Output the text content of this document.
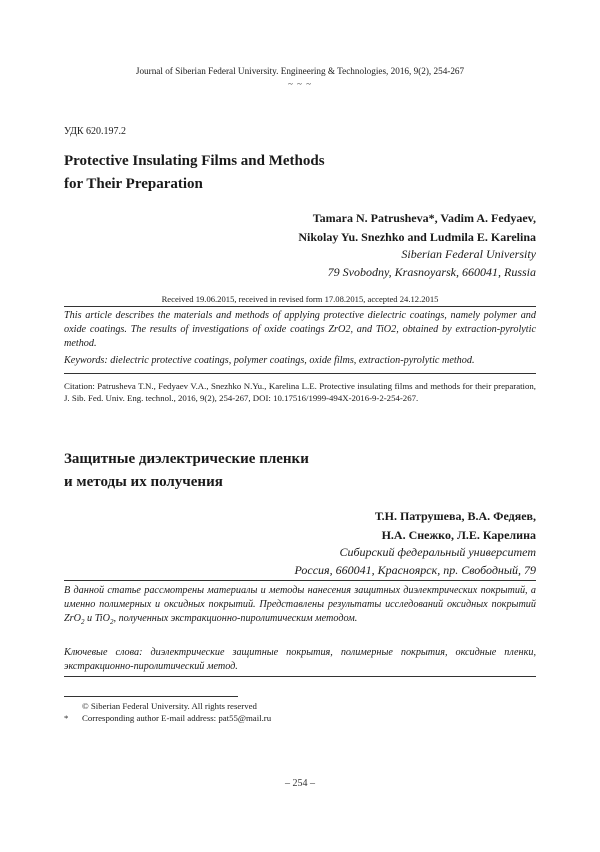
Journal of Siberian Federal University. Engineering & Technologies, 2016, 9(2), 254-267
~ ~ ~
УДК 620.197.2
Protective Insulating Films and Methods
for Their Preparation
Tamara N. Patrusheva*, Vadim A. Fedyaev,
Nikolay Yu. Snezhko and Ludmila E. Karelina
Siberian Federal University
79 Svobodny, Krasnoyarsk, 660041, Russia
Received 19.06.2015, received in revised form 17.08.2015, accepted 24.12.2015
This article describes the materials and methods of applying protective dielectric coatings, namely polymer and oxide coatings. The results of investigations of oxide coatings ZrO2, and TiO2, obtained by extraction-pyrolytic method.
Keywords: dielectric protective coatings, polymer coatings, oxide films, extraction-pyrolytic method.
Citation: Patrusheva T.N., Fedyaev V.A., Snezhko N.Yu., Karelina L.E. Protective insulating films and methods for their preparation, J. Sib. Fed. Univ. Eng. technol., 2016, 9(2), 254-267, DOI: 10.17516/1999-494X-2016-9-2-254-267.
Защитные диэлектрические пленки
и методы их получения
Т.Н. Патрушева, В.А. Федяев,
Н.А. Снежко, Л.Е. Карелина
Сибирский федеральный университет
Россия, 660041, Красноярск, пр. Свободный, 79
В данной статье рассмотрены материалы и методы нанесения защитных диэлектрических покрытий, а именно полимерных и оксидных покрытий. Представлены результаты исследований оксидных покрытий ZrO$_2$ и TiO$_2$, полученных экстракционно-пиролитическим методом.
Ключевые слова: диэлектрические защитные покрытия, полимерные покрытия, оксидные пленки, экстракционно-пиролитический метод.
© Siberian Federal University. All rights reserved
* Corresponding author E-mail address: pat55@mail.ru
– 254 –
